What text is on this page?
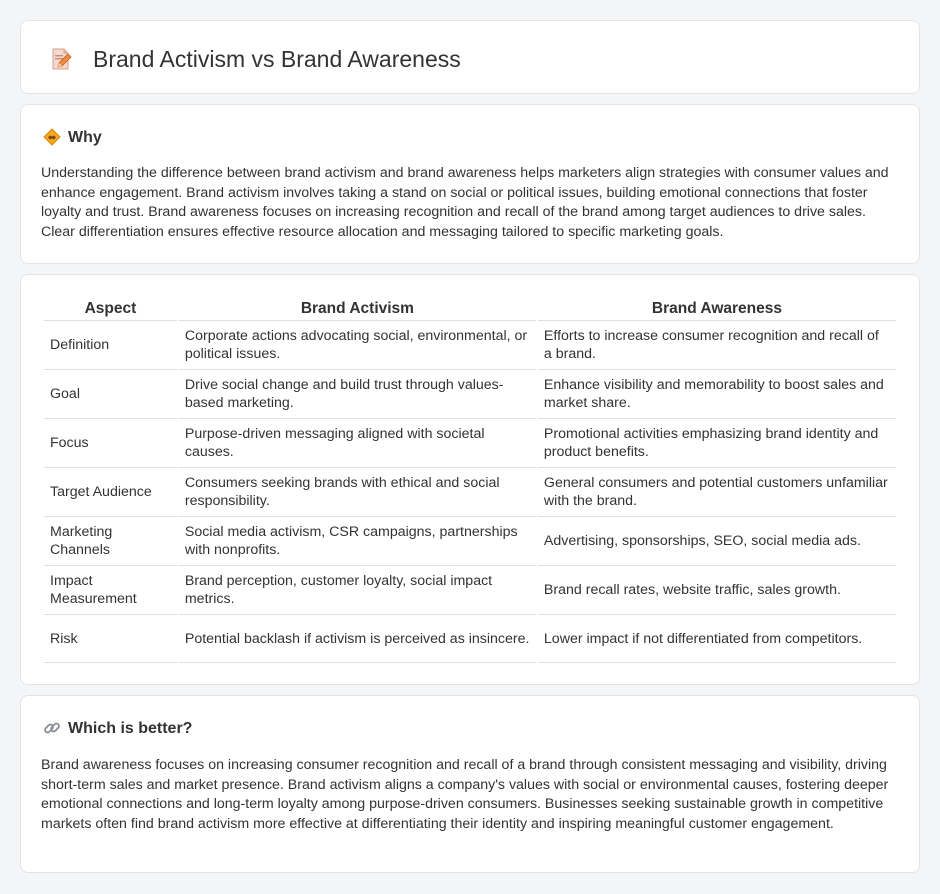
Brand Activism vs Brand Awareness
Why

Understanding the difference between brand activism and brand awareness helps marketers align strategies with consumer values and enhance engagement. Brand activism involves taking a stand on social or political issues, building emotional connections that foster loyalty and trust. Brand awareness focuses on increasing recognition and recall of the brand among target audiences to drive sales. Clear differentiation ensures effective resource allocation and messaging tailored to specific marketing goals.

Aspect	Brand Activism	Brand Awareness
Definition	Corporate actions advocating social, environmental, or political issues.	Efforts to increase consumer recognition and recall of a brand.
Goal	Drive social change and build trust through values-based marketing.	Enhance visibility and memorability to boost sales and market share.
Focus	Purpose-driven messaging aligned with societal causes.	Promotional activities emphasizing brand identity and product benefits.
Target Audience	Consumers seeking brands with ethical and social responsibility.	General consumers and potential customers unfamiliar with the brand.
Marketing Channels	Social media activism, CSR campaigns, partnerships with nonprofits.	Advertising, sponsorships, SEO, social media ads.
Impact Measurement	Brand perception, customer loyalty, social impact metrics.	Brand recall rates, website traffic, sales growth.
Risk	Potential backlash if activism is perceived as insincere.	Lower impact if not differentiated from competitors.
Which is better?

Brand awareness focuses on increasing consumer recognition and recall of a brand through consistent messaging and visibility, driving short-term sales and market presence. Brand activism aligns a company's values with social or environmental causes, fostering deeper emotional connections and long-term loyalty among purpose-driven consumers. Businesses seeking sustainable growth in competitive markets often find brand activism more effective at differentiating their identity and inspiring meaningful customer engagement.
